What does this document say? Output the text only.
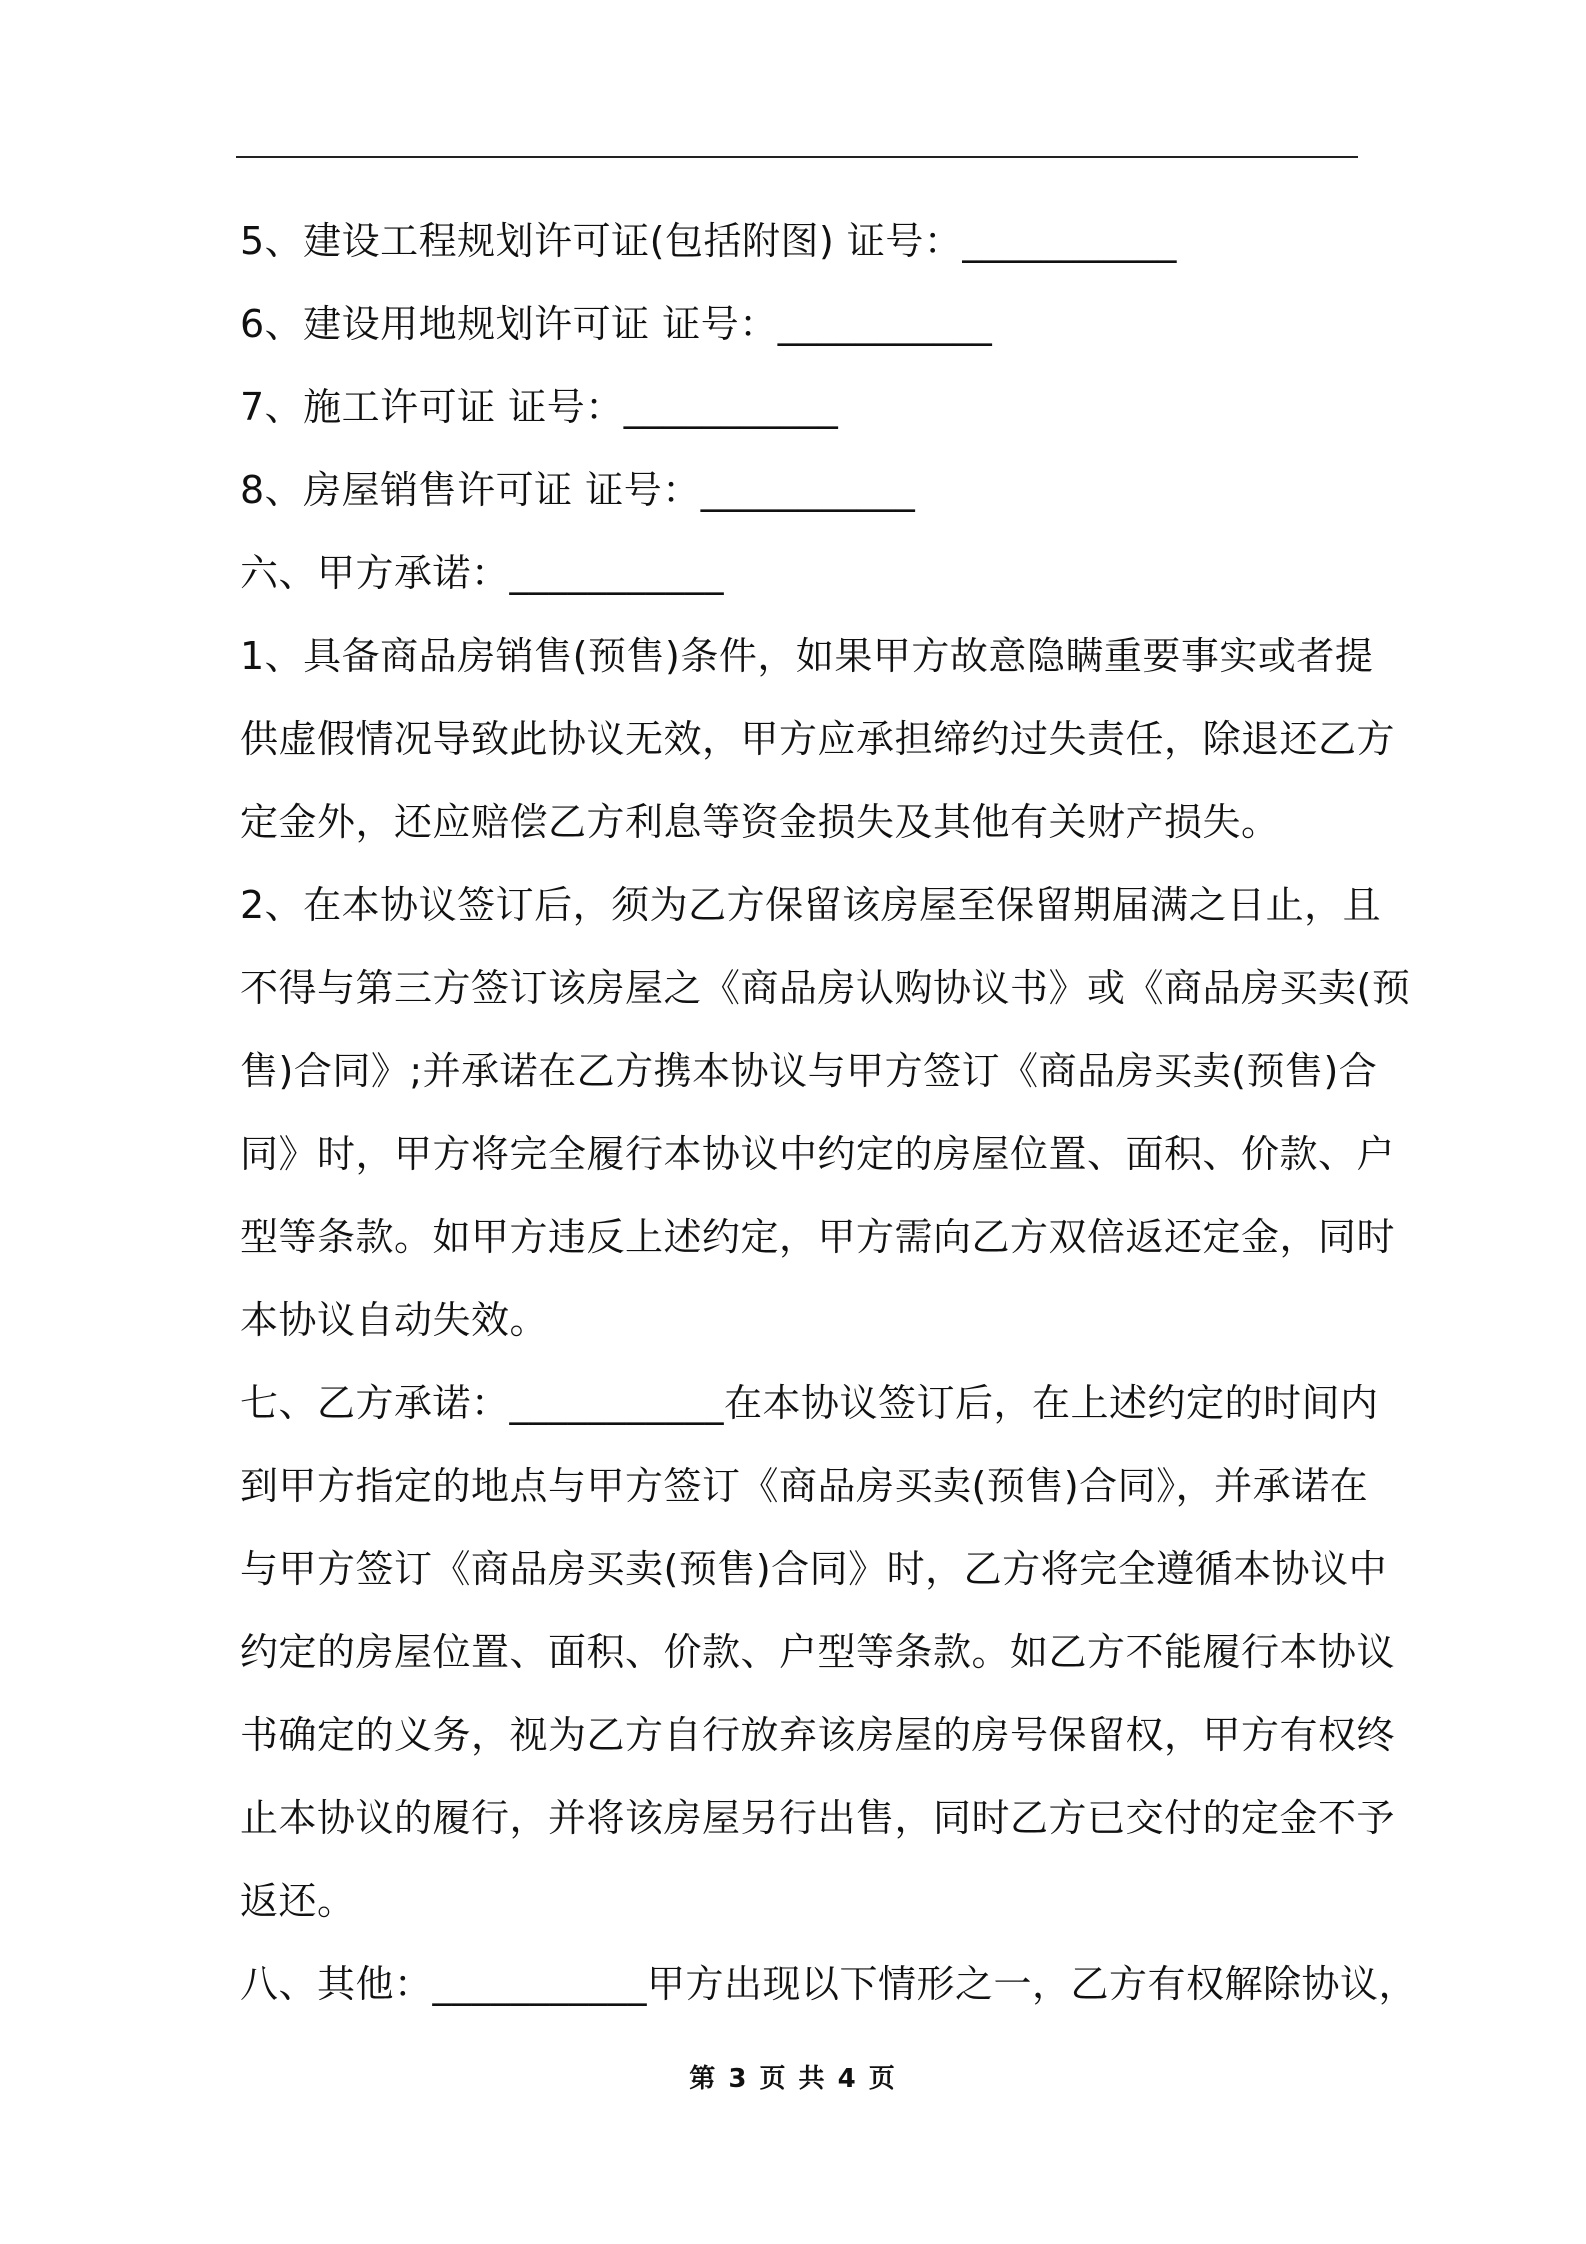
5、建设工程规划许可证(包括附图) 证号：___________
6、建设用地规划许可证 证号：___________
7、施工许可证 证号：___________
8、房屋销售许可证 证号：___________
六、甲方承诺：___________
1、具备商品房销售(预售)条件，如果甲方故意隐瞒重要事实或者提
供虚假情况导致此协议无效，甲方应承担缔约过失责任，除退还乙方
定金外，还应赔偿乙方利息等资金损失及其他有关财产损失。
2、在本协议签订后，须为乙方保留该房屋至保留期届满之日止，且
不得与第三方签订该房屋之《商品房认购协议书》或《商品房买卖(预
售)合同》;并承诺在乙方携本协议与甲方签订《商品房买卖(预售)合
同》时，甲方将完全履行本协议中约定的房屋位置、面积、价款、户
型等条款。如甲方违反上述约定，甲方需向乙方双倍返还定金，同时
本协议自动失效。
七、乙方承诺：___________在本协议签订后，在上述约定的时间内
到甲方指定的地点与甲方签订《商品房买卖(预售)合同》，并承诺在
与甲方签订《商品房买卖(预售)合同》时，乙方将完全遵循本协议中
约定的房屋位置、面积、价款、户型等条款。如乙方不能履行本协议
书确定的义务，视为乙方自行放弃该房屋的房号保留权，甲方有权终
止本协议的履行，并将该房屋另行出售，同时乙方已交付的定金不予
返还。
八、其他：___________甲方出现以下情形之一，乙方有权解除协议，
第 3 页 共 4 页
